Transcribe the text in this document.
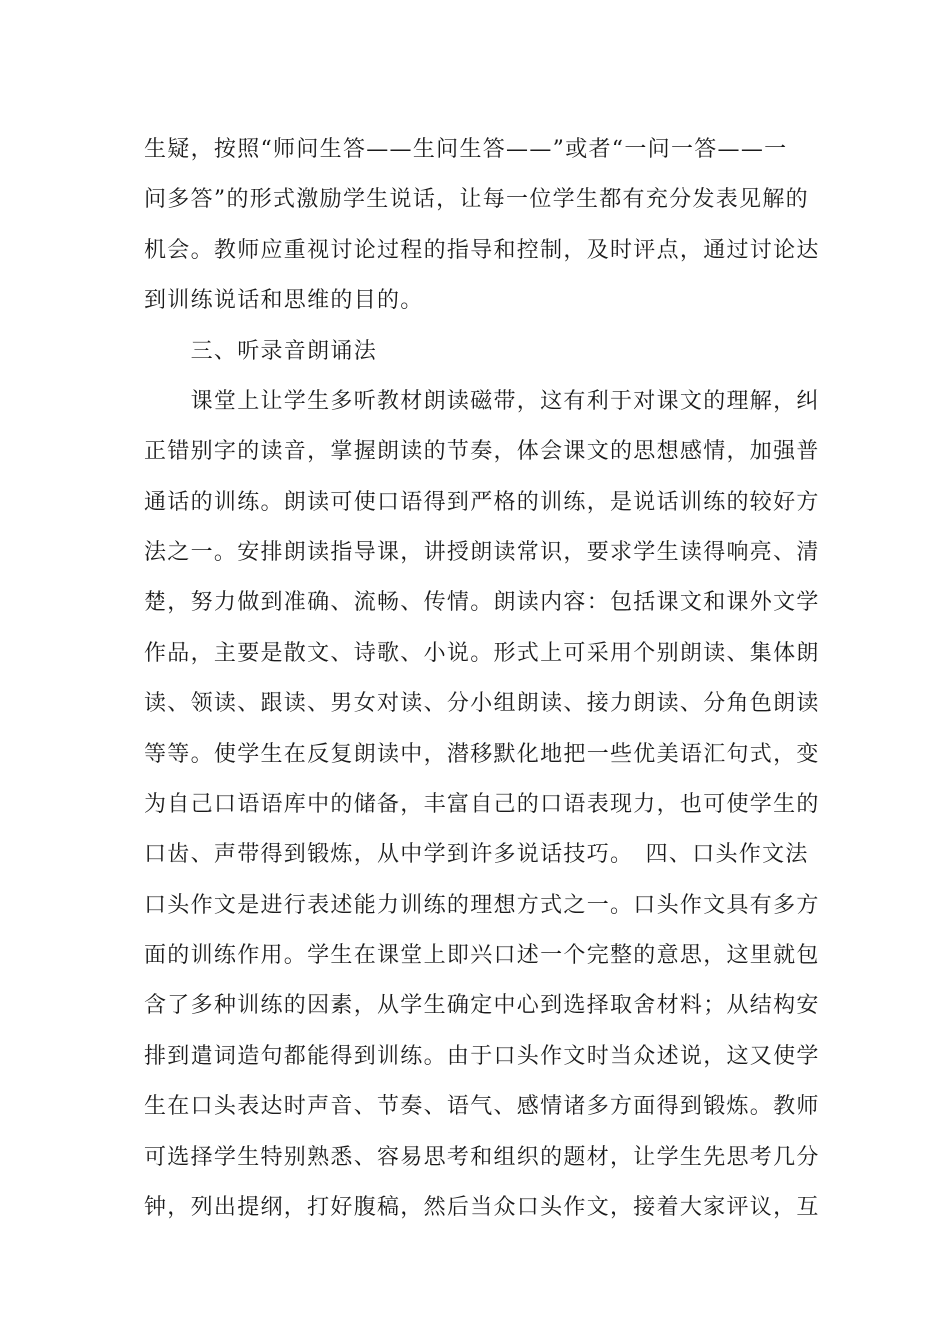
生疑，按照“师问生答——生问生答——”或者“一问一答——一
问多答”的形式激励学生说话，让每一位学生都有充分发表见解的
机会。教师应重视讨论过程的指导和控制，及时评点，通过讨论达
到训练说话和思维的目的。
　　三、听录音朗诵法
　　课堂上让学生多听教材朗读磁带，这有利于对课文的理解，纠
正错别字的读音，掌握朗读的节奏，体会课文的思想感情，加强普
通话的训练。朗读可使口语得到严格的训练，是说话训练的较好方
法之一。安排朗读指导课，讲授朗读常识，要求学生读得响亮、清
楚，努力做到准确、流畅、传情。朗读内容：包括课文和课外文学
作品，主要是散文、诗歌、小说。形式上可采用个别朗读、集体朗
读、领读、跟读、男女对读、分小组朗读、接力朗读、分角色朗读
等等。使学生在反复朗读中，潜移默化地把一些优美语汇句式，变
为自己口语语库中的储备，丰富自己的口语表现力，也可使学生的
口齿、声带得到锻炼，从中学到许多说话技巧。　四、口头作文法
口头作文是进行表述能力训练的理想方式之一。口头作文具有多方
面的训练作用。学生在课堂上即兴口述一个完整的意思，这里就包
含了多种训练的因素，从学生确定中心到选择取舍材料；从结构安
排到遣词造句都能得到训练。由于口头作文时当众述说，这又使学
生在口头表达时声音、节奏、语气、感情诸多方面得到锻炼。教师
可选择学生特别熟悉、容易思考和组织的题材，让学生先思考几分
钟，列出提纲，打好腹稿，然后当众口头作文，接着大家评议，互
